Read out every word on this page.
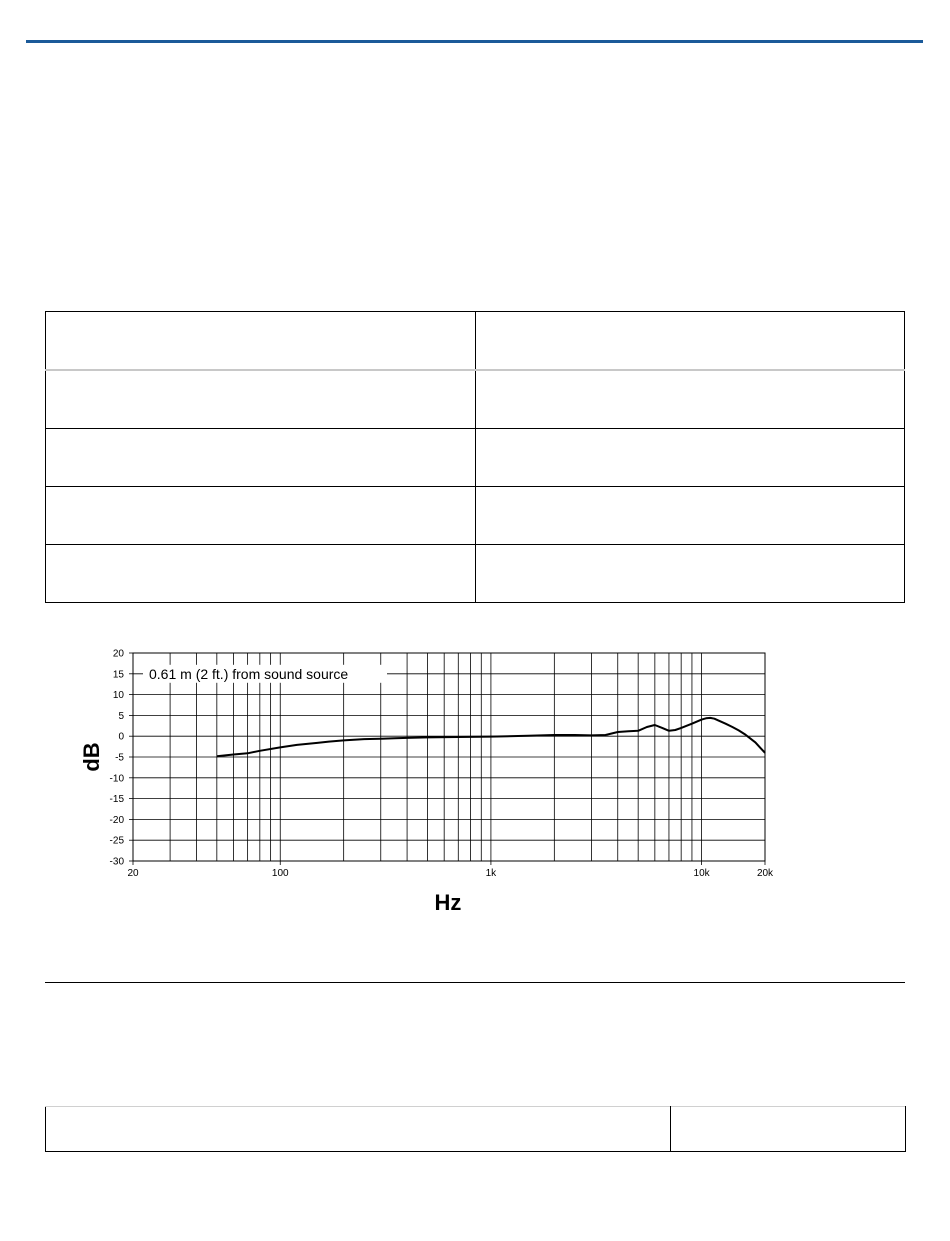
20
15
10
5
0
-5
-10
-15
-20
-25
-30
20	100	1k	10k	20k
0.61 m (2 ft.) from sound source
dB
Hz
